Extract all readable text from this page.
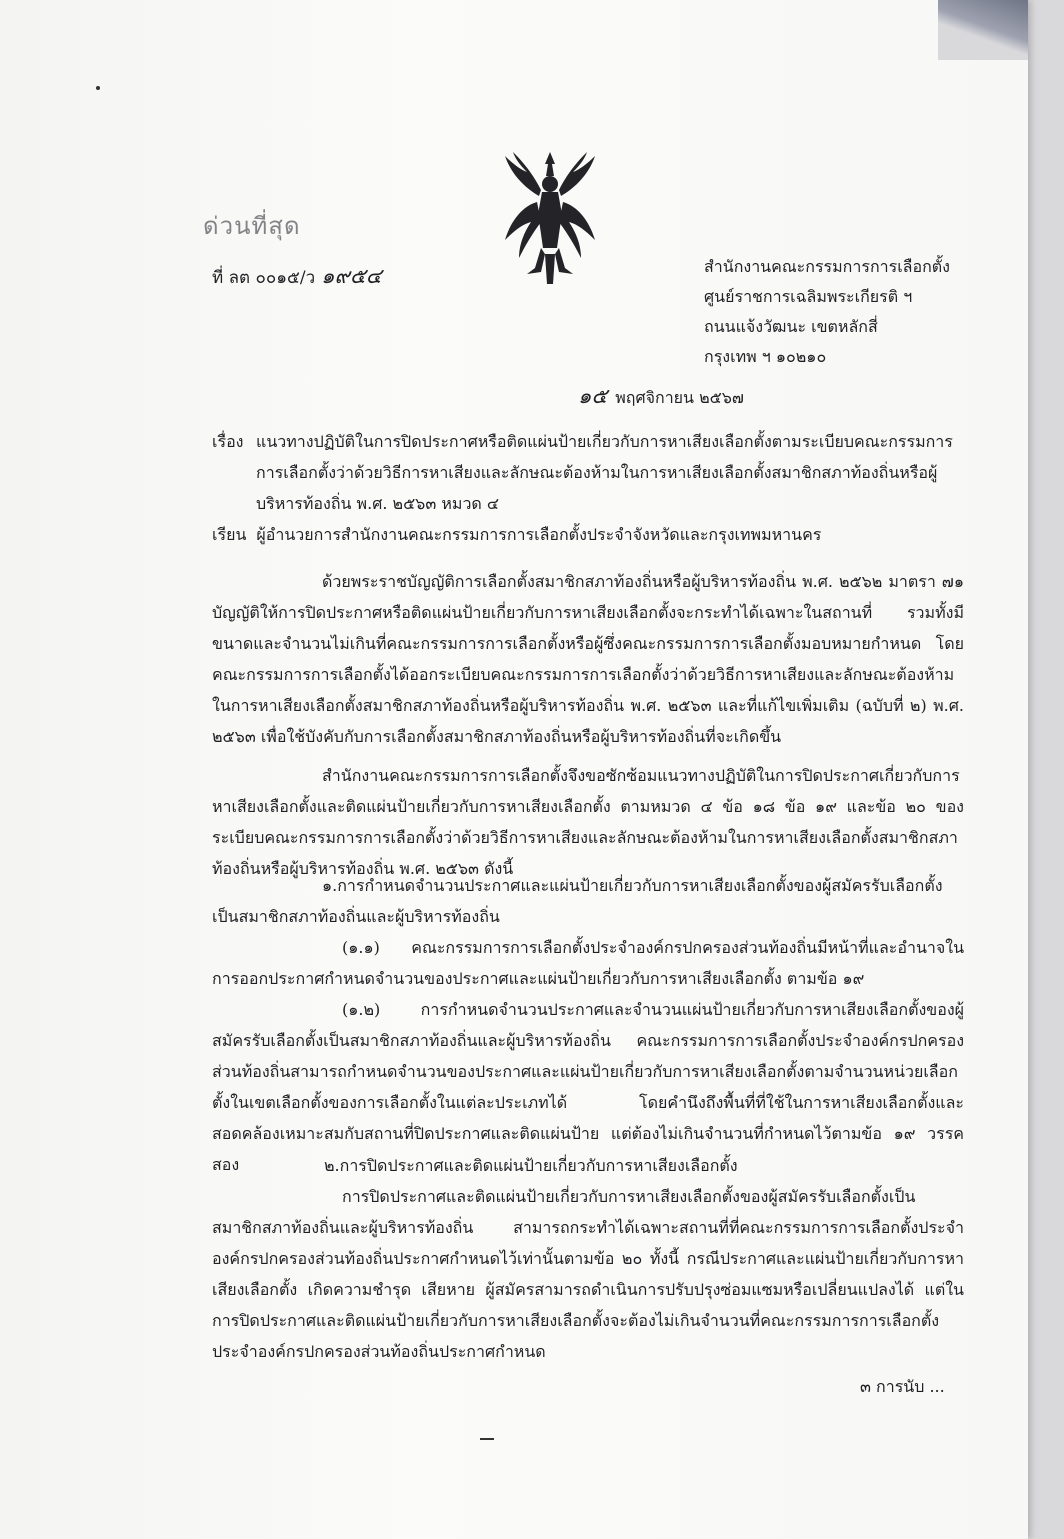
ด่วนที่สุด
ที่ ลต ๐๐๑๕/ว ๑๙๕๔	สำนักงานคณะกรรมการการเลือกตั้ง
ศูนย์ราชการเฉลิมพระเกียรติ ฯ
ถนนแจ้งวัฒนะ เขตหลักสี่
กรุงเทพ ฯ ๑๐๒๑๐
๑๕ พฤศจิกายน ๒๕๖๗
เรื่อง แนวทางปฏิบัติในการปิดประกาศหรือติดแผ่นป้ายเกี่ยวกับการหาเสียงเลือกตั้งตามระเบียบคณะกรรมการการเลือกตั้งว่าด้วยวิธีการหาเสียงและลักษณะต้องห้ามในการหาเสียงเลือกตั้งสมาชิกสภาท้องถิ่นหรือผู้บริหารท้องถิ่น พ.ศ. ๒๕๖๓ หมวด ๔
เรียน ผู้อำนวยการสำนักงานคณะกรรมการการเลือกตั้งประจำจังหวัดและกรุงเทพมหานคร
ด้วยพระราชบัญญัติการเลือกตั้งสมาชิกสภาท้องถิ่นหรือผู้บริหารท้องถิ่น พ.ศ. ๒๕๖๒ มาตรา ๗๑ บัญญัติให้การปิดประกาศหรือติดแผ่นป้ายเกี่ยวกับการหาเสียงเลือกตั้งจะกระทำได้เฉพาะในสถานที่ รวมทั้งมีขนาดและจำนวนไม่เกินที่คณะกรรมการการเลือกตั้งหรือผู้ซึ่งคณะกรรมการการเลือกตั้งมอบหมายกำหนด โดยคณะกรรมการการเลือกตั้งได้ออกระเบียบคณะกรรมการการเลือกตั้งว่าด้วยวิธีการหาเสียงและลักษณะต้องห้ามในการหาเสียงเลือกตั้งสมาชิกสภาท้องถิ่นหรือผู้บริหารท้องถิ่น พ.ศ. ๒๕๖๓ และที่แก้ไขเพิ่มเติม (ฉบับที่ ๒) พ.ศ. ๒๕๖๓ เพื่อใช้บังคับกับการเลือกตั้งสมาชิกสภาท้องถิ่นหรือผู้บริหารท้องถิ่นที่จะเกิดขึ้น
สำนักงานคณะกรรมการการเลือกตั้งจึงขอซักซ้อมแนวทางปฏิบัติในการปิดประกาศเกี่ยวกับการหาเสียงเลือกตั้งและติดแผ่นป้ายเกี่ยวกับการหาเสียงเลือกตั้ง ตามหมวด ๔ ข้อ ๑๘ ข้อ ๑๙ และข้อ ๒๐ ของระเบียบคณะกรรมการการเลือกตั้งว่าด้วยวิธีการหาเสียงและลักษณะต้องห้ามในการหาเสียงเลือกตั้งสมาชิกสภาท้องถิ่นหรือผู้บริหารท้องถิ่น พ.ศ. ๒๕๖๓ ดังนี้
๑.การกำหนดจำนวนประกาศและแผ่นป้ายเกี่ยวกับการหาเสียงเลือกตั้งของผู้สมัครรับเลือกตั้งเป็นสมาชิกสภาท้องถิ่นและผู้บริหารท้องถิ่น
(๑.๑) คณะกรรมการการเลือกตั้งประจำองค์กรปกครองส่วนท้องถิ่นมีหน้าที่และอำนาจในการออกประกาศกำหนดจำนวนของประกาศและแผ่นป้ายเกี่ยวกับการหาเสียงเลือกตั้ง ตามข้อ ๑๙
(๑.๒) การกำหนดจำนวนประกาศและจำนวนแผ่นป้ายเกี่ยวกับการหาเสียงเลือกตั้งของผู้สมัครรับเลือกตั้งเป็นสมาชิกสภาท้องถิ่นและผู้บริหารท้องถิ่น คณะกรรมการการเลือกตั้งประจำองค์กรปกครองส่วนท้องถิ่นสามารถกำหนดจำนวนของประกาศและแผ่นป้ายเกี่ยวกับการหาเสียงเลือกตั้งตามจำนวนหน่วยเลือกตั้งในเขตเลือกตั้งของการเลือกตั้งในแต่ละประเภทได้ โดยคำนึงถึงพื้นที่ที่ใช้ในการหาเสียงเลือกตั้งและสอดคล้องเหมาะสมกับสถานที่ปิดประกาศและติดแผ่นป้าย แต่ต้องไม่เกินจำนวนที่กำหนดไว้ตามข้อ ๑๙ วรรคสอง	๒.การปิดประกาศและติดแผ่นป้ายเกี่ยวกับการหาเสียงเลือกตั้ง
การปิดประกาศและติดแผ่นป้ายเกี่ยวกับการหาเสียงเลือกตั้งของผู้สมัครรับเลือกตั้งเป็นสมาชิกสภาท้องถิ่นและผู้บริหารท้องถิ่น สามารถกระทำได้เฉพาะสถานที่ที่คณะกรรมการการเลือกตั้งประจำองค์กรปกครองส่วนท้องถิ่นประกาศกำหนดไว้เท่านั้นตามข้อ ๒๐ ทั้งนี้ กรณีประกาศและแผ่นป้ายเกี่ยวกับการหาเสียงเลือกตั้ง เกิดความชำรุด เสียหาย ผู้สมัครสามารถดำเนินการปรับปรุงซ่อมแซมหรือเปลี่ยนแปลงได้ แต่ในการปิดประกาศและติดแผ่นป้ายเกี่ยวกับการหาเสียงเลือกตั้งจะต้องไม่เกินจำนวนที่คณะกรรมการการเลือกตั้งประจำองค์กรปกครองส่วนท้องถิ่นประกาศกำหนด
๓ การนับ ...
